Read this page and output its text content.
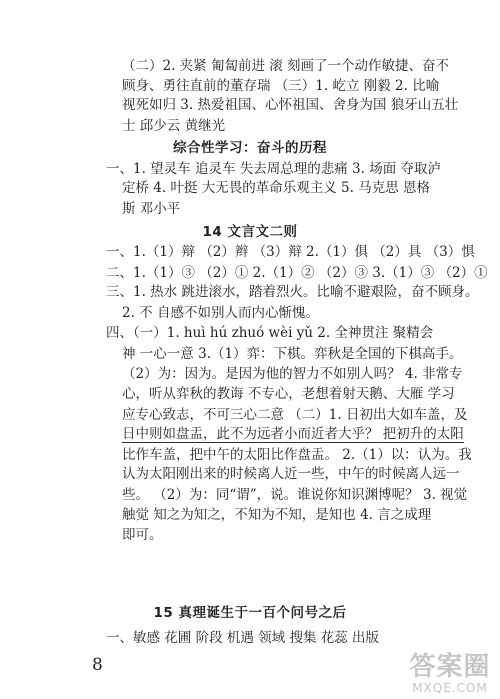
（二）2. 夹紧 匍匐前进 滚 刻画了一个动作敏捷、奋不
顾身、勇往直前的董存瑞 （三）1. 屹立 刚毅 2. 比喻
视死如归 3. 热爱祖国、心怀祖国、舍身为国 狼牙山五壮
士 邱少云 黄继光
综合性学习：奋斗的历程
一、1. 望灵车 追灵车 失去周总理的悲痛 3. 场面 夺取泸
定桥 4. 叶挺 大无畏的革命乐观主义 5. 马克思 恩格
斯 邓小平
14 文言文二则
一、1.（1）辩 （2）辫 （3）辩 2.（1）俱 （2）具 （3）惧
二、1.（1）③ （2）① 2.（1）② （2）③ 3.（1）③ （2）①
三、1. 热水 跳进滚水，踏着烈火。比喻不避艰险，奋不顾身。
2. 不 自感不如别人而内心惭愧。
四、（一）1. huì hú zhuó wèi yǔ 2. 全神贯注 聚精会
神 一心一意 3.（1）弈：下棋。弈秋是全国的下棋高手。
（2）为：因为。是因为他的智力不如别人吗？ 4. 非常专
心，听从弈秋的教诲 不专心，老想着射天鹅、大雁 学习
应专心致志，不可三心二意 （二）1. 日初出大如车盖，及
日中则如盘盂，此不为远者小而近者大乎？ 把初升的太阳
比作车盖，把中午的太阳比作盘盂。 2.（1）以：认为。我
认为太阳刚出来的时候离人近一些，中午的时候离人远一
些。 （2）为：同“谓”，说。谁说你知识渊博呢？ 3. 视觉
触觉 知之为知之，不知为不知，是知也 4. 言之成理
即可。
8	答案圈
MXQE.COM
15 真理诞生于一百个问号之后
一、敏感 花圃 阶段 机遇 领域 搜集 花蕊 出版
